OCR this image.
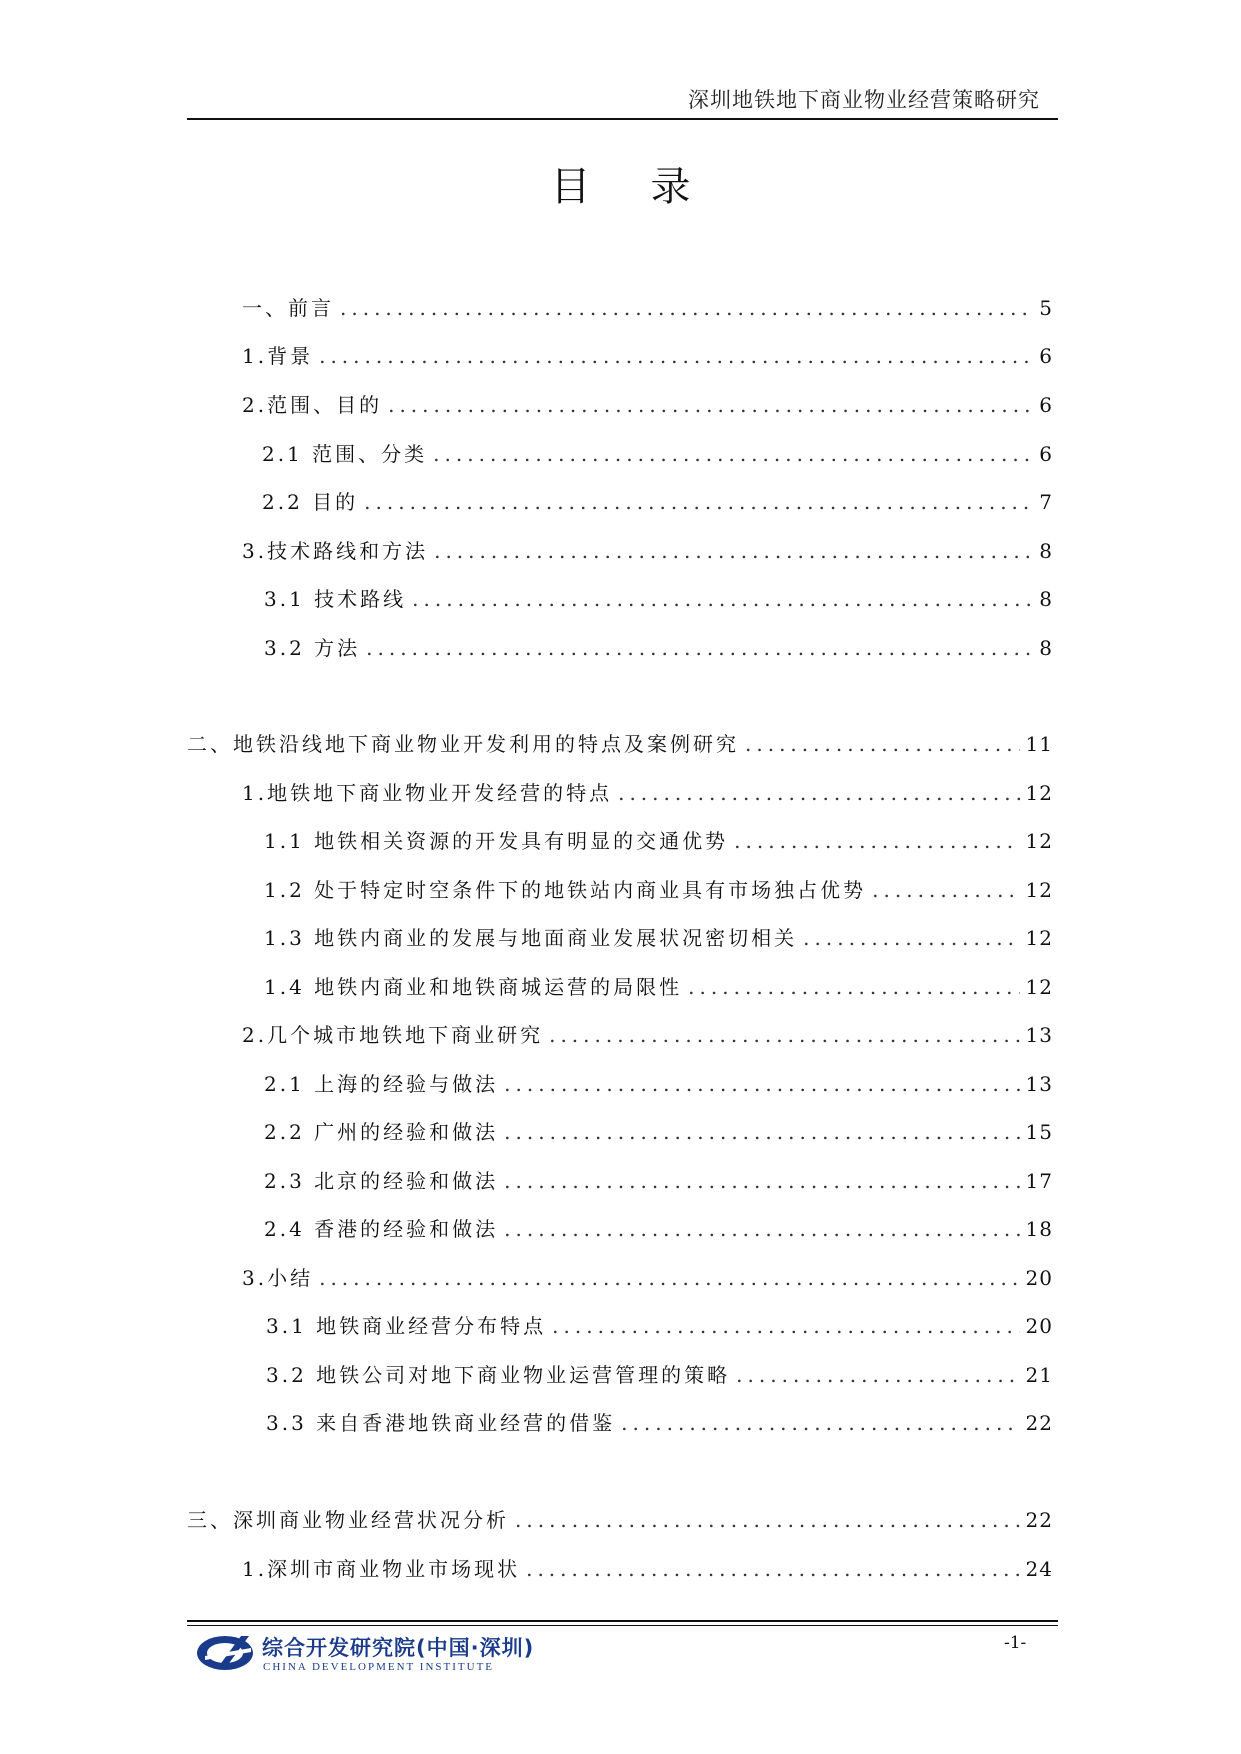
深圳地铁地下商业物业经营策略研究
目录
一、前言 .....	5
1.背景 .....	6
2.范围、目的 .....	6
2.1 范围、分类 .....	6
2.2 目的 .....	7
3.技术路线和方法 .....	8
3.1 技术路线 .....	8
3.2 方法 .....	8
二、地铁沿线地下商业物业开发利用的特点及案例研究 .....	11
1.地铁地下商业物业开发经营的特点 .....	12
1.1 地铁相关资源的开发具有明显的交通优势 .....	12
1.2 处于特定时空条件下的地铁站内商业具有市场独占优势 .....	12
1.3 地铁内商业的发展与地面商业发展状况密切相关 .....	12
1.4 地铁内商业和地铁商城运营的局限性 .....	12
2.几个城市地铁地下商业研究 .....	13
2.1 上海的经验与做法 .....	13
2.2 广州的经验和做法 .....	15
2.3 北京的经验和做法 .....	17
2.4 香港的经验和做法 .....	18
3.小结 .....	20
3.1 地铁商业经营分布特点 .....	20
3.2 地铁公司对地下商业物业运营管理的策略 .....	21
3.3 来自香港地铁商业经营的借鉴 .....	22
三、深圳商业物业经营状况分析 .....	22
1.深圳市商业物业市场现状 .....	24
综合开发研究院(中国·深圳)
CHINA DEVELOPMENT INSTITUTE
-1-
